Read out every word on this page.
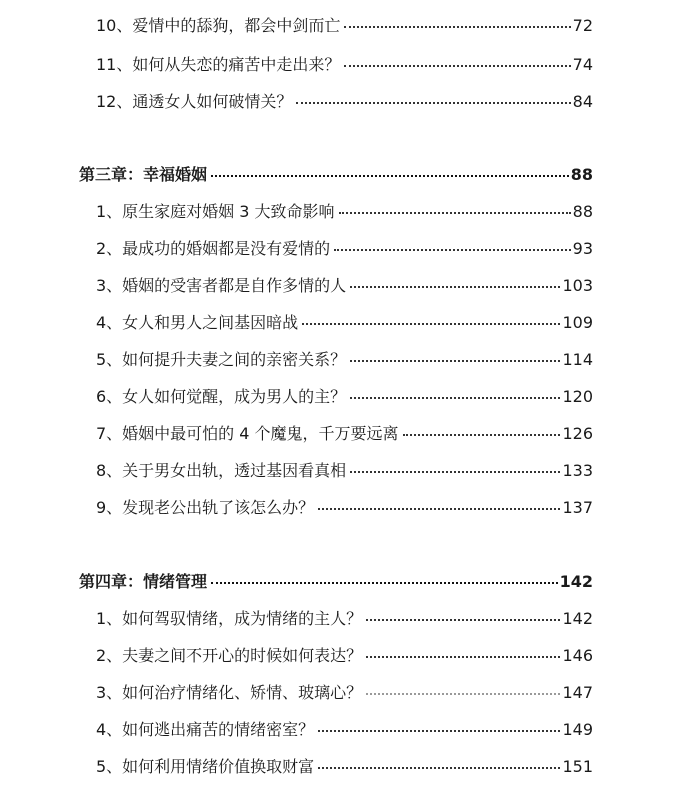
10、爱情中的舔狗，都会中剑而亡	72
11、如何从失恋的痛苦中走出来？	74
12、通透女人如何破情关？	84
第三章：幸福婚姻	88
1、原生家庭对婚姻 3 大致命影响	88
2、最成功的婚姻都是没有爱情的	93
3、婚姻的受害者都是自作多情的人	103
4、女人和男人之间基因暗战	109
5、如何提升夫妻之间的亲密关系？	114
6、女人如何觉醒，成为男人的主？	120
7、婚姻中最可怕的 4 个魔鬼，千万要远离	126
8、关于男女出轨，透过基因看真相	133
9、发现老公出轨了该怎么办？	137
第四章：情绪管理	142
1、如何驾驭情绪，成为情绪的主人？	142
2、夫妻之间不开心的时候如何表达？	146
3、如何治疗情绪化、矫情、玻璃心？	147
4、如何逃出痛苦的情绪密室？	149
5、如何利用情绪价值换取财富	151
